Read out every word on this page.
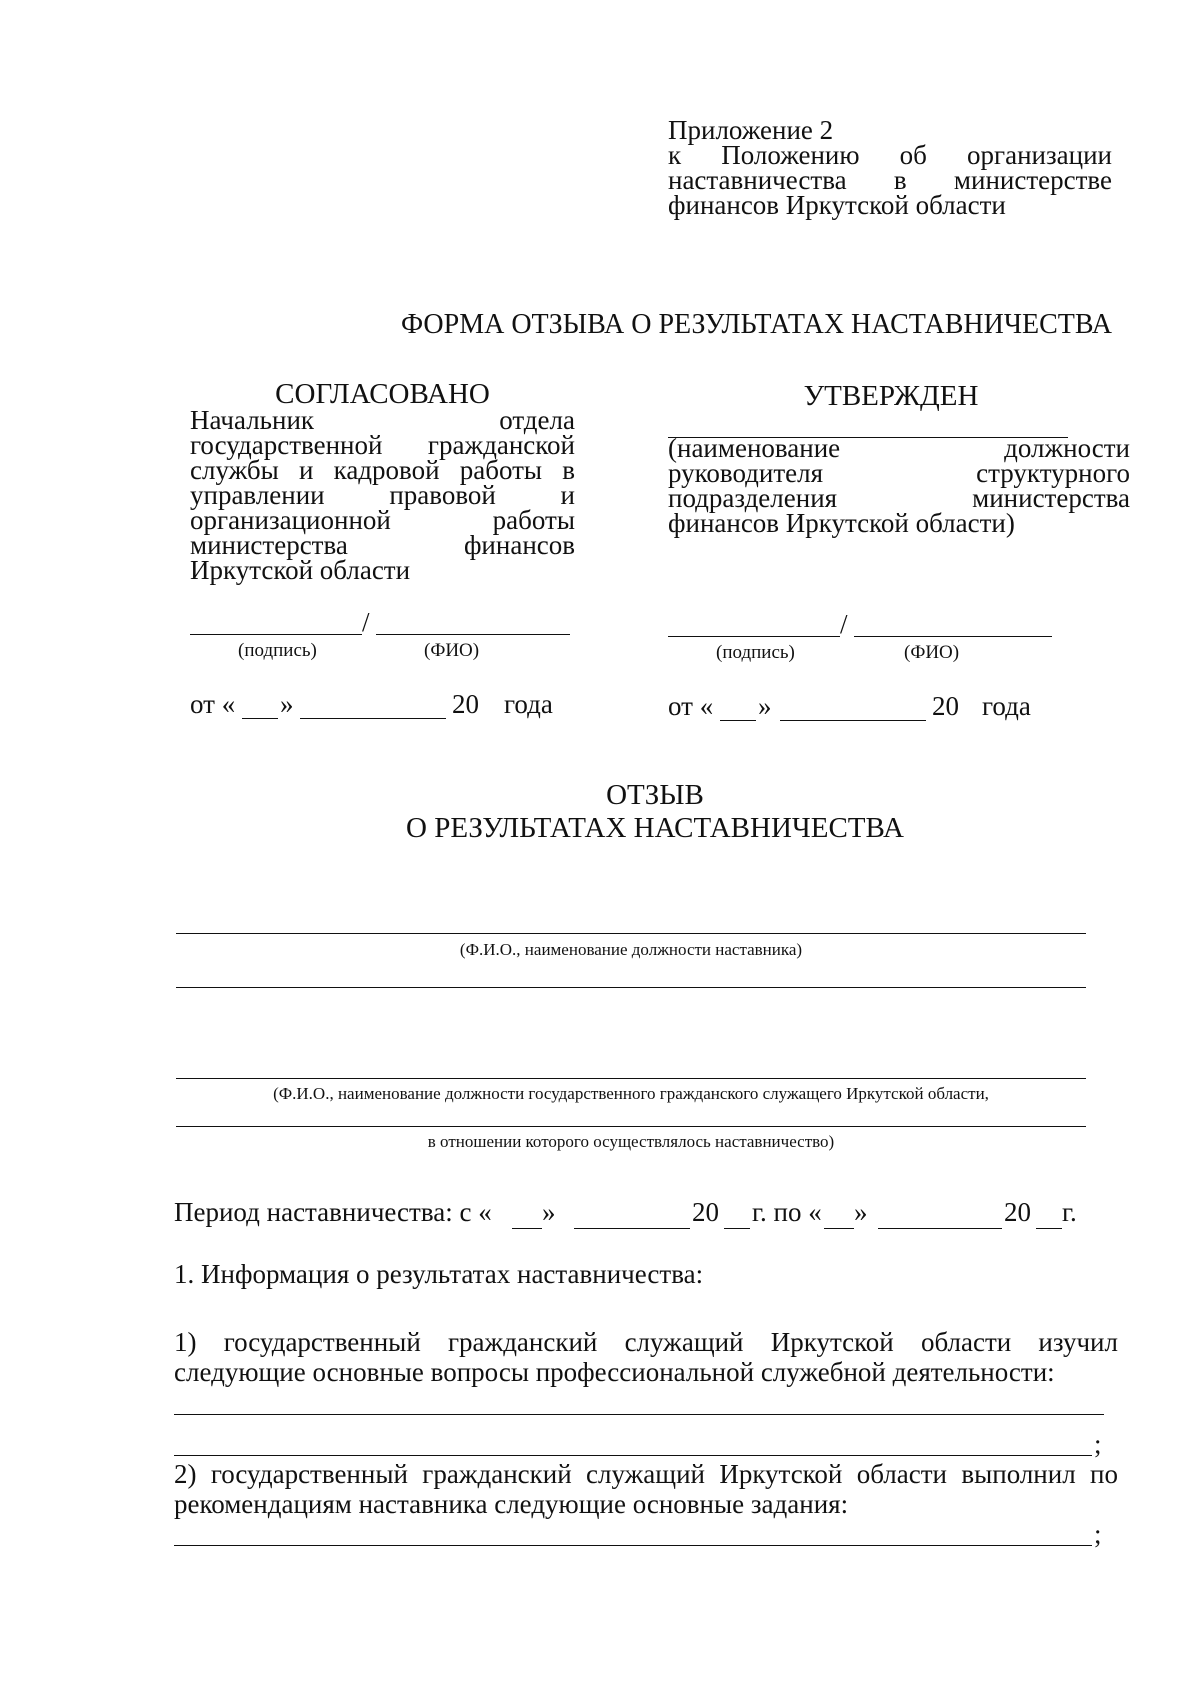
Приложение 2
к Положению об организации
наставничества в министерстве
финансов Иркутской области
ФОРМА ОТЗЫВА О РЕЗУЛЬТАТАХ НАСТАВНИЧЕСТВА
СОГЛАСОВАНО
Начальник отдела
государственной гражданской
службы и кадровой работы в
управлении правовой и
организационной работы
министерства финансов
Иркутской области
/
(подпись)	(ФИО)
от « »	20 года
УТВЕРЖДЕН
(наименование должности
руководителя структурного
подразделения министерства
финансов Иркутской области)
/
(подпись)	(ФИО)
от « »	20 года
ОТЗЫВ
О РЕЗУЛЬТАТАХ НАСТАВНИЧЕСТВА
(Ф.И.О., наименование должности наставника)
(Ф.И.О., наименование должности государственного гражданского служащего Иркутской области,
в отношении которого осуществлялось наставничество)
Период наставничества: с « »	20 г. по « »	20 г.
1. Информация о результатах наставничества:
1) государственный гражданский служащий Иркутской области изучил
следующие основные вопросы профессиональной служебной деятельности:
;
2) государственный гражданский служащий Иркутской области выполнил по
рекомендациям наставника следующие основные задания:
;
